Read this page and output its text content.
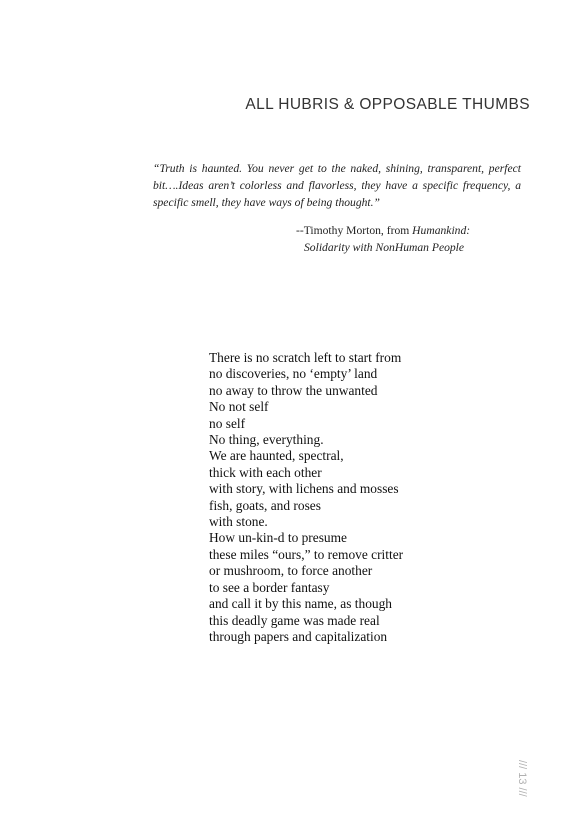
ALL HUBRIS & OPPOSABLE THUMBS
“Truth is haunted. You never get to the naked, shining, transparent, perfect bit….Ideas aren’t colorless and flavorless, they have a specific frequency, a specific smell, they have ways of being thought.”
--Timothy Morton, from Humankind:
Solidarity with NonHuman People
There is no scratch left to start from
no discoveries, no ‘empty’ land
no away to throw the unwanted
No not self
no self
No thing, everything.
We are haunted, spectral,
thick with each other
with story, with lichens and mosses
fish, goats, and roses
with stone.
How un-kin-d to presume
these miles “ours,” to remove critter
or mushroom, to force another
to see a border fantasy
and call it by this name, as though
this deadly game was made real
through papers and capitalization
/// 13 ///
